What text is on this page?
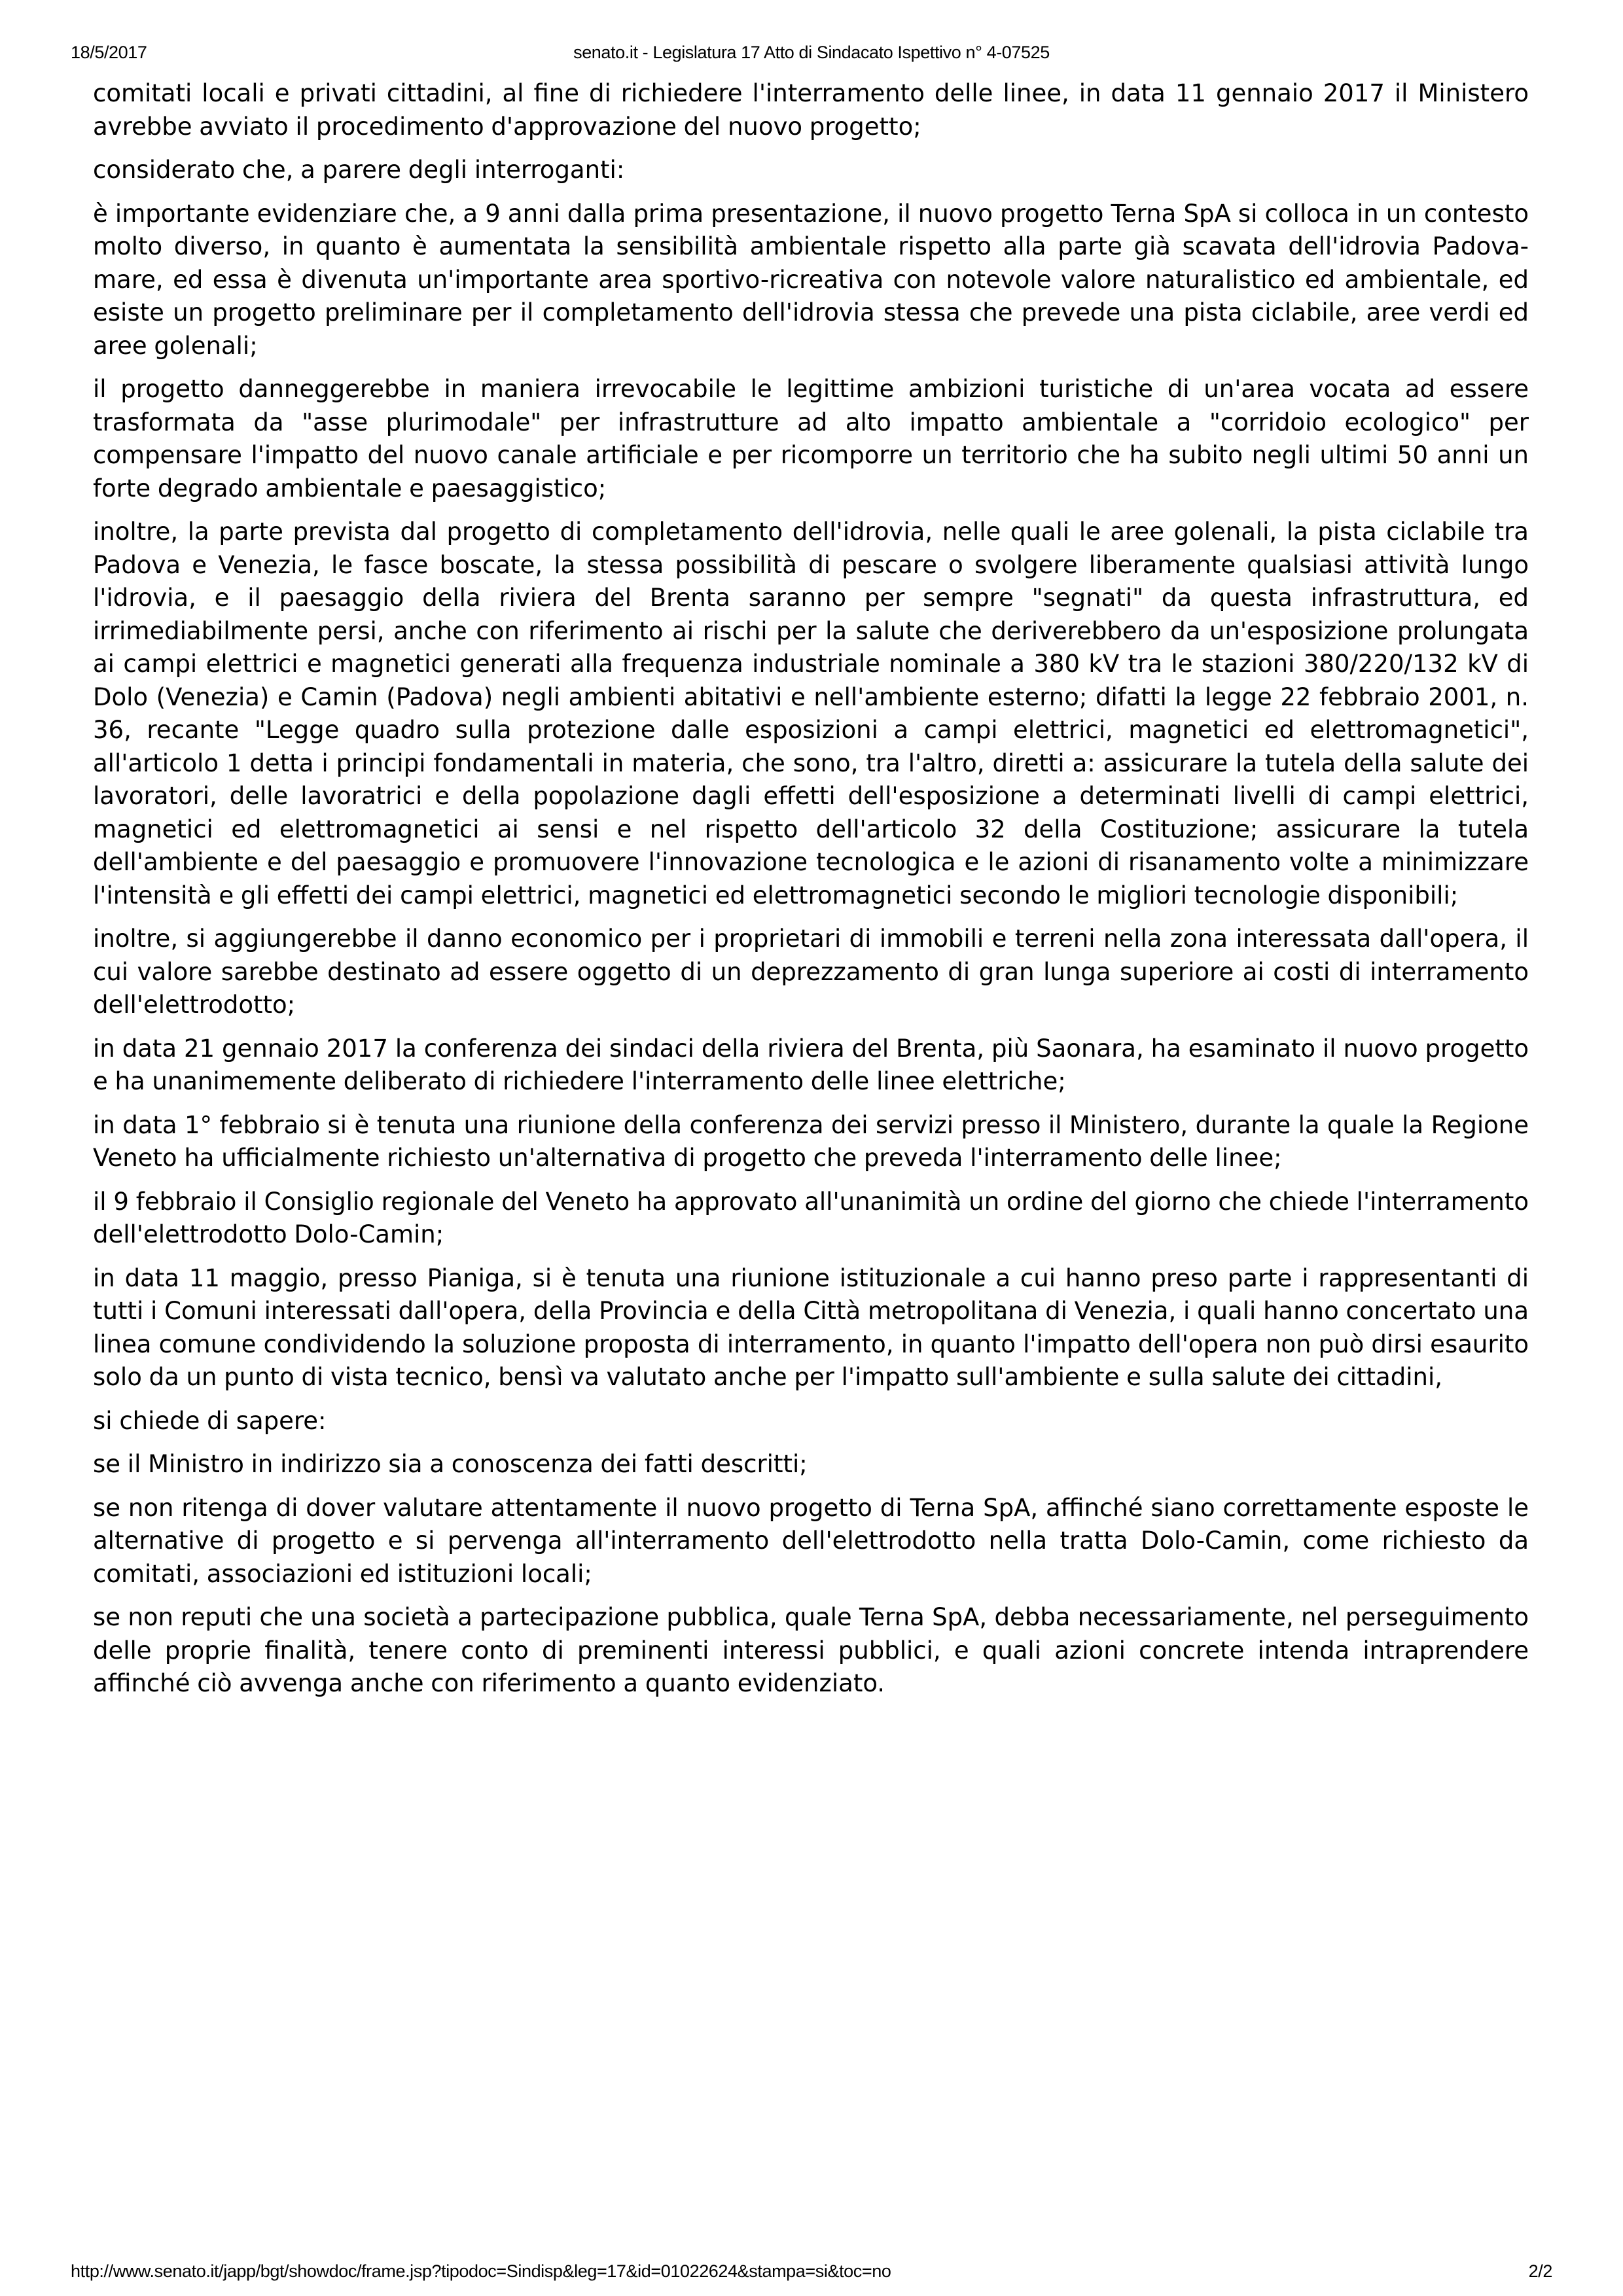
18/5/2017	senato.it - Legislatura 17 Atto di Sindacato Ispettivo n° 4-07525

comitati locali e privati cittadini, al fine di richiedere l'interramento delle linee, in data 11 gennaio 2017 il Ministero avrebbe avviato il procedimento d'approvazione del nuovo progetto;

considerato che, a parere degli interroganti:

è importante evidenziare che, a 9 anni dalla prima presentazione, il nuovo progetto Terna SpA si colloca in un contesto molto diverso, in quanto è aumentata la sensibilità ambientale rispetto alla parte già scavata dell'idrovia Padova-mare, ed essa è divenuta un'importante area sportivo-ricreativa con notevole valore naturalistico ed ambientale, ed esiste un progetto preliminare per il completamento dell'idrovia stessa che prevede una pista ciclabile, aree verdi ed aree golenali;

il progetto danneggerebbe in maniera irrevocabile le legittime ambizioni turistiche di un'area vocata ad essere trasformata da "asse plurimodale" per infrastrutture ad alto impatto ambientale a "corridoio ecologico" per compensare l'impatto del nuovo canale artificiale e per ricomporre un territorio che ha subito negli ultimi 50 anni un forte degrado ambientale e paesaggistico;

inoltre, la parte prevista dal progetto di completamento dell'idrovia, nelle quali le aree golenali, la pista ciclabile tra Padova e Venezia, le fasce boscate, la stessa possibilità di pescare o svolgere liberamente qualsiasi attività lungo l'idrovia, e il paesaggio della riviera del Brenta saranno per sempre "segnati" da questa infrastruttura, ed irrimediabilmente persi, anche con riferimento ai rischi per la salute che deriverebbero da un'esposizione prolungata ai campi elettrici e magnetici generati alla frequenza industriale nominale a 380 kV tra le stazioni 380/220/132 kV di Dolo (Venezia) e Camin (Padova) negli ambienti abitativi e nell'ambiente esterno; difatti la legge 22 febbraio 2001, n. 36, recante "Legge quadro sulla protezione dalle esposizioni a campi elettrici, magnetici ed elettromagnetici", all'articolo 1 detta i principi fondamentali in materia, che sono, tra l'altro, diretti a: assicurare la tutela della salute dei lavoratori, delle lavoratrici e della popolazione dagli effetti dell'esposizione a determinati livelli di campi elettrici, magnetici ed elettromagnetici ai sensi e nel rispetto dell'articolo 32 della Costituzione; assicurare la tutela dell'ambiente e del paesaggio e promuovere l'innovazione tecnologica e le azioni di risanamento volte a minimizzare l'intensità e gli effetti dei campi elettrici, magnetici ed elettromagnetici secondo le migliori tecnologie disponibili;

inoltre, si aggiungerebbe il danno economico per i proprietari di immobili e terreni nella zona interessata dall'opera, il cui valore sarebbe destinato ad essere oggetto di un deprezzamento di gran lunga superiore ai costi di interramento dell'elettrodotto;

in data 21 gennaio 2017 la conferenza dei sindaci della riviera del Brenta, più Saonara, ha esaminato il nuovo progetto e ha unanimemente deliberato di richiedere l'interramento delle linee elettriche;

in data 1° febbraio si è tenuta una riunione della conferenza dei servizi presso il Ministero, durante la quale la Regione Veneto ha ufficialmente richiesto un'alternativa di progetto che preveda l'interramento delle linee;

il 9 febbraio il Consiglio regionale del Veneto ha approvato all'unanimità un ordine del giorno che chiede l'interramento dell'elettrodotto Dolo-Camin;

in data 11 maggio, presso Pianiga, si è tenuta una riunione istituzionale a cui hanno preso parte i rappresentanti di tutti i Comuni interessati dall'opera, della Provincia e della Città metropolitana di Venezia, i quali hanno concertato una linea comune condividendo la soluzione proposta di interramento, in quanto l'impatto dell'opera non può dirsi esaurito solo da un punto di vista tecnico, bensì va valutato anche per l'impatto sull'ambiente e sulla salute dei cittadini,

si chiede di sapere:

se il Ministro in indirizzo sia a conoscenza dei fatti descritti;

se non ritenga di dover valutare attentamente il nuovo progetto di Terna SpA, affinché siano correttamente esposte le alternative di progetto e si pervenga all'interramento dell'elettrodotto nella tratta Dolo-Camin, come richiesto da comitati, associazioni ed istituzioni locali;

se non reputi che una società a partecipazione pubblica, quale Terna SpA, debba necessariamente, nel perseguimento delle proprie finalità, tenere conto di preminenti interessi pubblici, e quali azioni concrete intenda intraprendere affinché ciò avvenga anche con riferimento a quanto evidenziato.

http://www.senato.it/japp/bgt/showdoc/frame.jsp?tipodoc=Sindisp&leg=17&id=01022624&stampa=si&toc=no	2/2
